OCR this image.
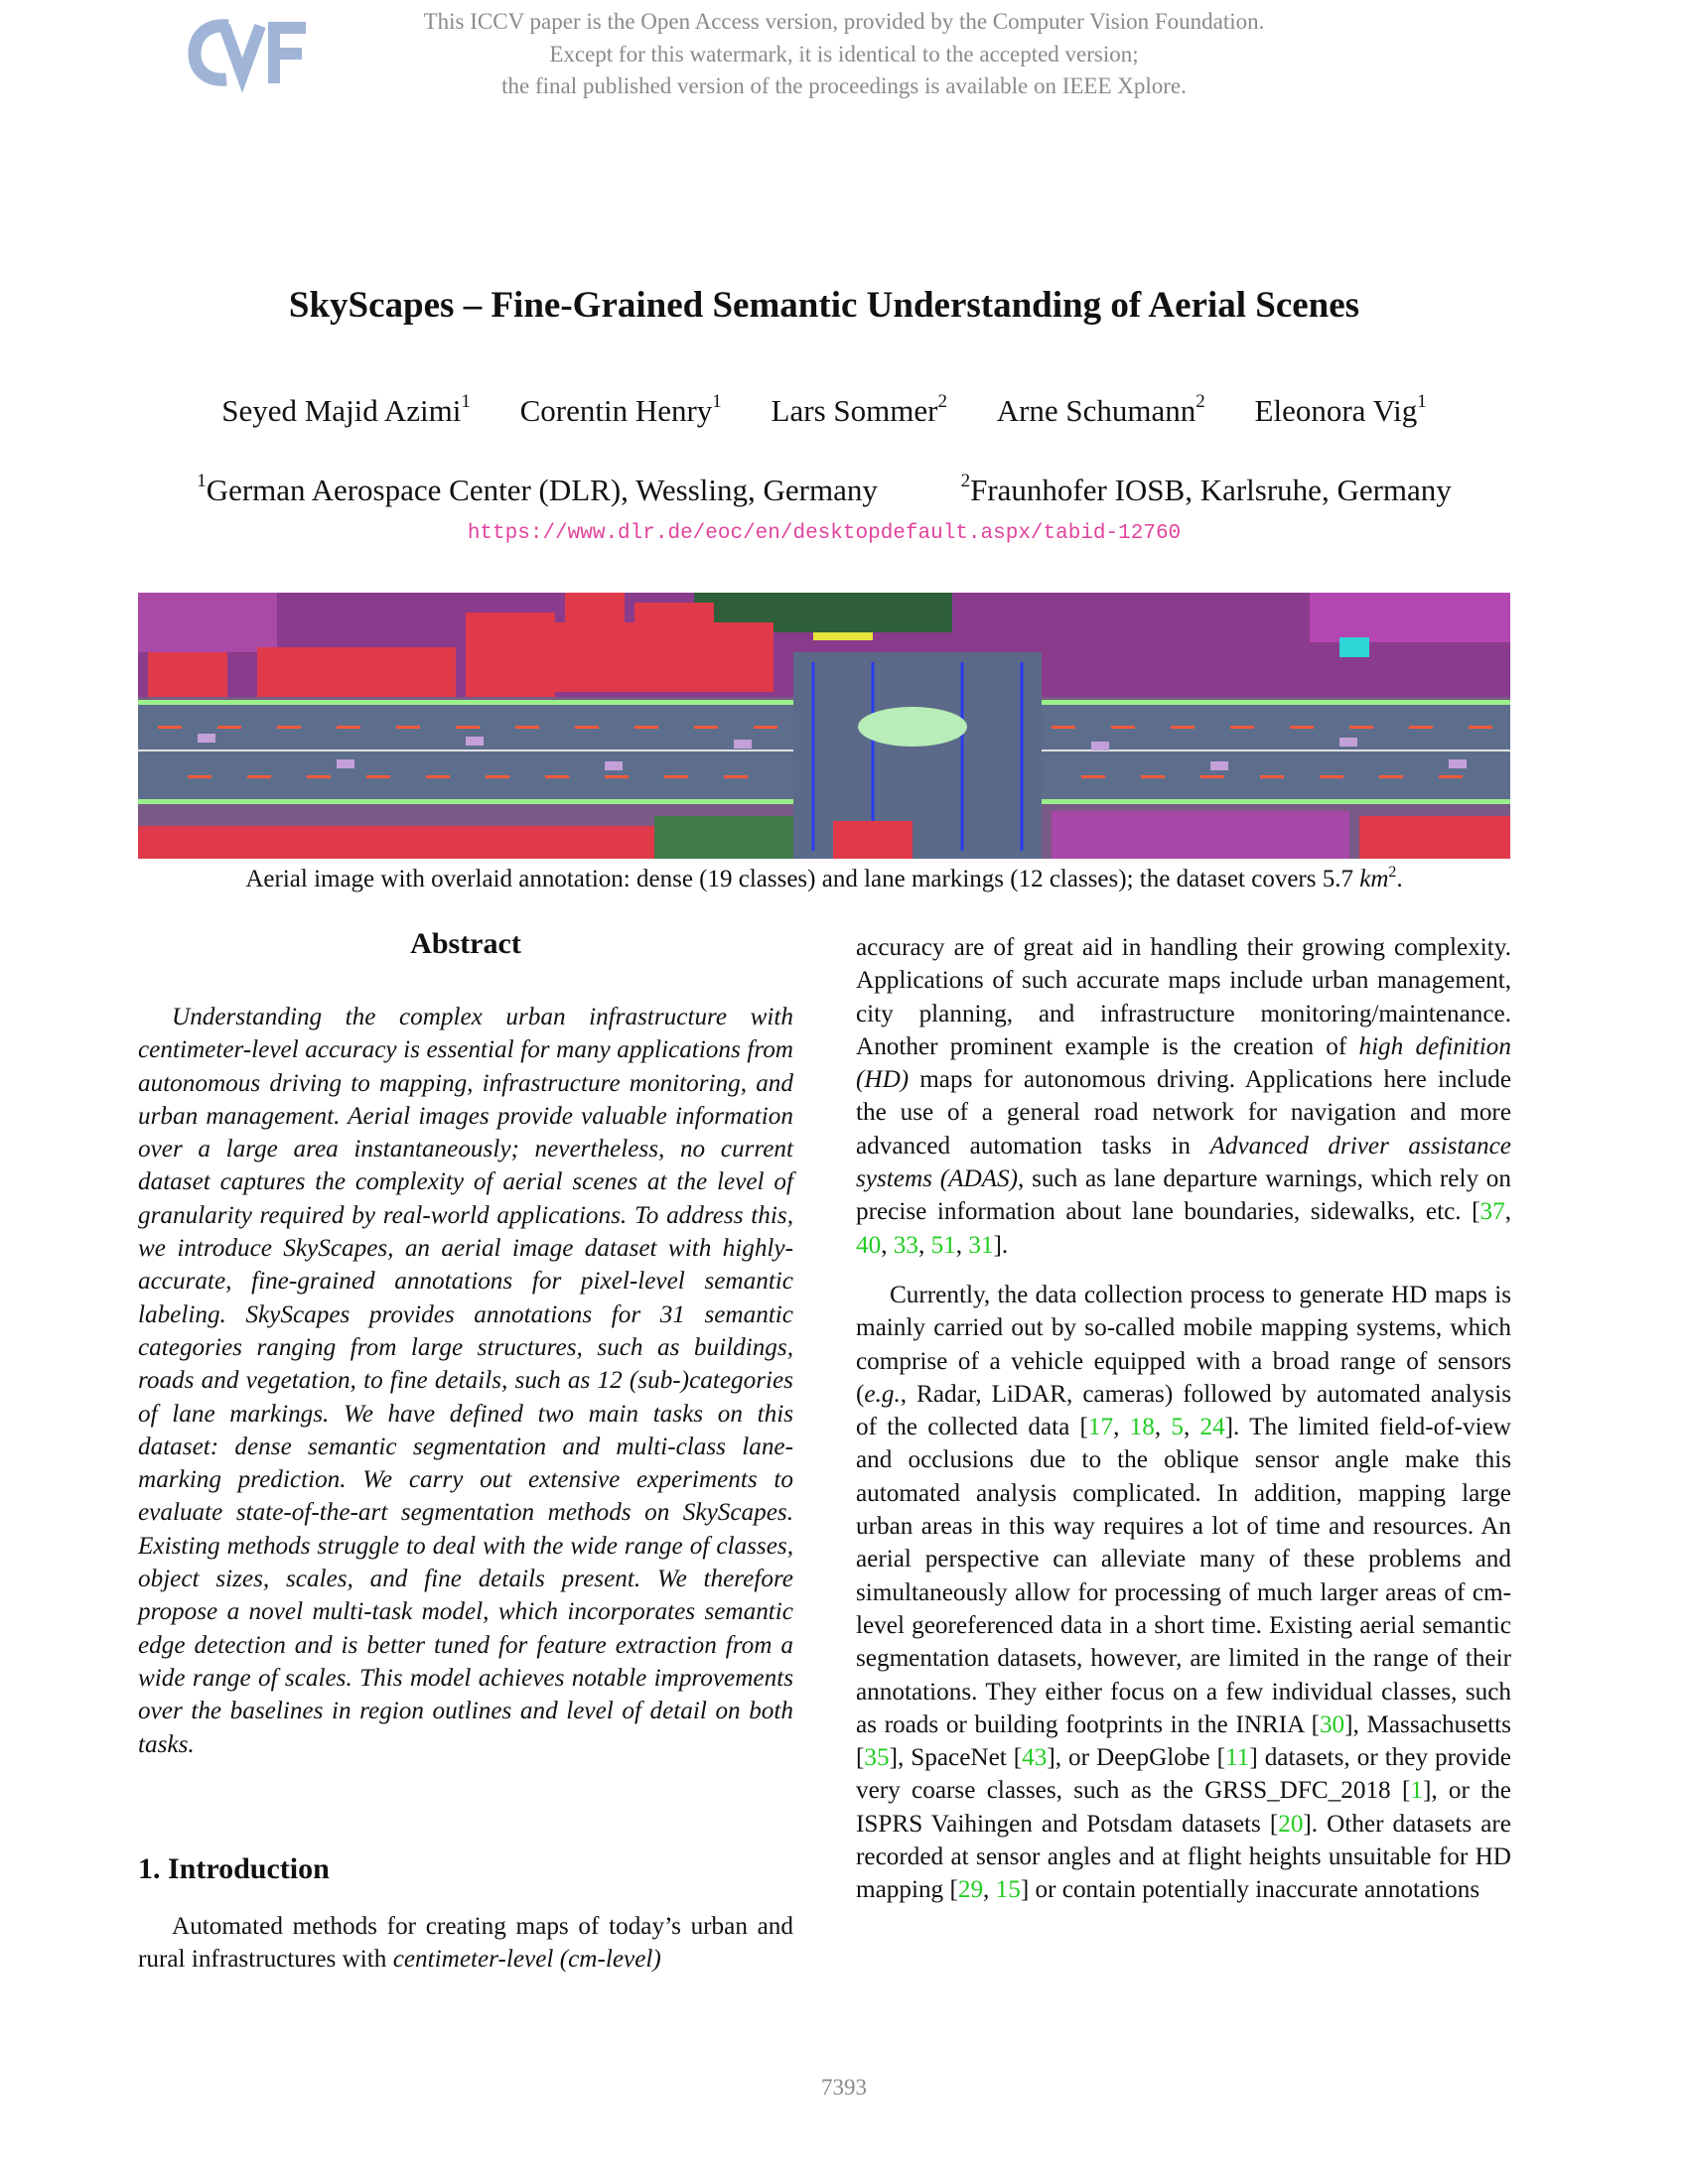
This ICCV paper is the Open Access version, provided by the Computer Vision Foundation.
Except for this watermark, it is identical to the accepted version;
the final published version of the proceedings is available on IEEE Xplore.
SkyScapes – Fine-Grained Semantic Understanding of Aerial Scenes
Seyed Majid Azimi$^1$ Corentin Henry$^1$ Lars Sommer$^2$ Arne Schumann$^2$ Eleonora Vig$^1$
$^1$German Aerospace Center (DLR), Wessling, Germany	$^2$Fraunhofer IOSB, Karlsruhe, Germany
https://www.dlr.de/eoc/en/desktopdefault.aspx/tabid-12760
Aerial image with overlaid annotation: dense (19 classes) and lane markings (12 classes); the dataset covers 5.7 $km^2$.
Abstract

Understanding the complex urban infrastructure with centimeter-level accuracy is essential for many applications from autonomous driving to mapping, infrastructure monitoring, and urban management. Aerial images provide valuable information over a large area instantaneously; nevertheless, no current dataset captures the complexity of aerial scenes at the level of granularity required by real-world applications. To address this, we introduce SkyScapes, an aerial image dataset with highly-accurate, fine-grained annotations for pixel-level semantic labeling. SkyScapes provides annotations for 31 semantic categories ranging from large structures, such as buildings, roads and vegetation, to fine details, such as 12 (sub-)categories of lane markings. We have defined two main tasks on this dataset: dense semantic segmentation and multi-class lane-marking prediction. We carry out extensive experiments to evaluate state-of-the-art segmentation methods on SkyScapes. Existing methods struggle to deal with the wide range of classes, object sizes, scales, and fine details present. We therefore propose a novel multi-task model, which incorporates semantic edge detection and is better tuned for feature extraction from a wide range of scales. This model achieves notable improvements over the baselines in region outlines and level of detail on both tasks.

1. Introduction

Automated methods for creating maps of today’s urban and rural infrastructures with centimeter-level (cm-level)

accuracy are of great aid in handling their growing complexity. Applications of such accurate maps include urban management, city planning, and infrastructure monitoring/maintenance. Another prominent example is the creation of high definition (HD) maps for autonomous driving. Applications here include the use of a general road network for navigation and more advanced automation tasks in Advanced driver assistance systems (ADAS), such as lane departure warnings, which rely on precise information about lane boundaries, sidewalks, etc. [37, 40, 33, 51, 31].

Currently, the data collection process to generate HD maps is mainly carried out by so-called mobile mapping systems, which comprise of a vehicle equipped with a broad range of sensors (e.g., Radar, LiDAR, cameras) followed by automated analysis of the collected data [17, 18, 5, 24]. The limited field-of-view and occlusions due to the oblique sensor angle make this automated analysis complicated. In addition, mapping large urban areas in this way requires a lot of time and resources. An aerial perspective can alleviate many of these problems and simultaneously allow for processing of much larger areas of cm-level georeferenced data in a short time. Existing aerial semantic segmentation datasets, however, are limited in the range of their annotations. They either focus on a few individual classes, such as roads or building footprints in the INRIA [30], Massachusetts [35], SpaceNet [43], or DeepGlobe [11] datasets, or they provide very coarse classes, such as the GRSS_DFC_2018 [1], or the ISPRS Vaihingen and Potsdam datasets [20]. Other datasets are recorded at sensor angles and at flight heights unsuitable for HD mapping [29, 15] or contain potentially inaccurate annotations

7393
